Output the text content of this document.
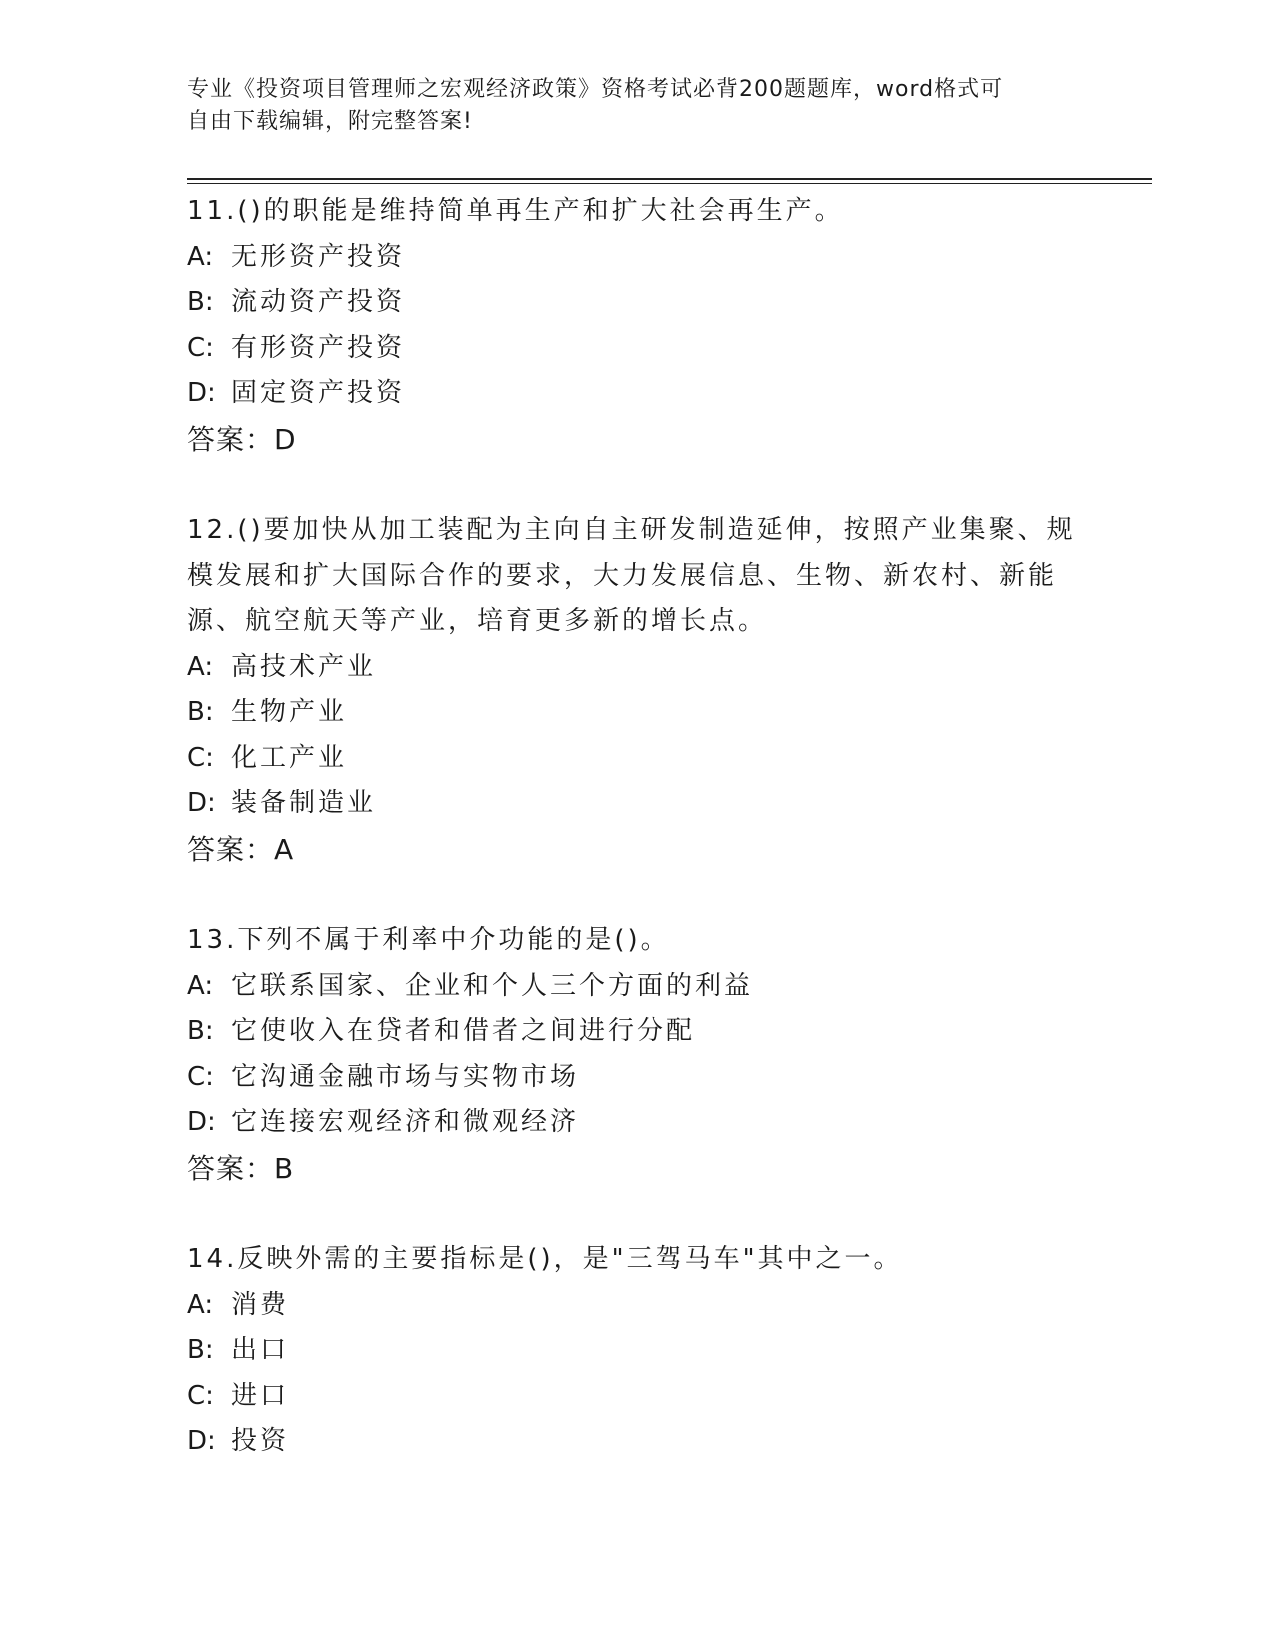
专业《投资项目管理师之宏观经济政策》资格考试必背200题题库，word格式可
自由下载编辑，附完整答案!
11.()的职能是维持简单再生产和扩大社会再生产。
A: 无形资产投资
B: 流动资产投资
C: 有形资产投资
D: 固定资产投资
答案：D
12.()要加快从加工装配为主向自主研发制造延伸，按照产业集聚、规
模发展和扩大国际合作的要求，大力发展信息、生物、新农村、新能
源、航空航天等产业，培育更多新的增长点。
A: 高技术产业
B: 生物产业
C: 化工产业
D: 装备制造业
答案：A
13.下列不属于利率中介功能的是()。
A: 它联系国家、企业和个人三个方面的利益
B: 它使收入在贷者和借者之间进行分配
C: 它沟通金融市场与实物市场
D: 它连接宏观经济和微观经济
答案：B
14.反映外需的主要指标是()，是"三驾马车"其中之一。
A: 消费
B: 出口
C: 进口
D: 投资
